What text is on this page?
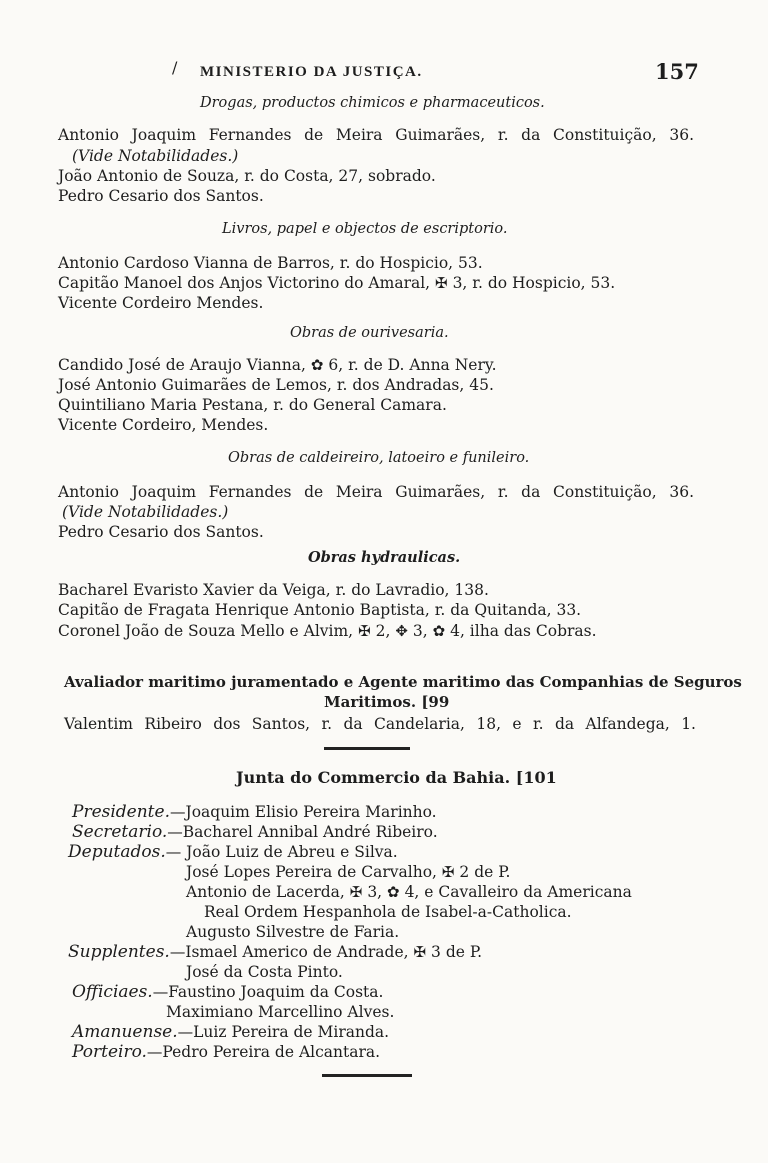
/ MINISTERIO DA JUSTIÇA.	157
Drogas, productos chimicos e pharmaceuticos.
Antonio Joaquim Fernandes de Meira Guimarães, r. da Constituição, 36.
(Vide Notabilidades.)
João Antonio de Souza, r. do Costa, 27, sobrado.
Pedro Cesario dos Santos.
Livros, papel e objectos de escriptorio.
Antonio Cardoso Vianna de Barros, r. do Hospicio, 53.
Capitão Manoel dos Anjos Victorino do Amaral, ✠ 3, r. do Hospicio, 53.
Vicente Cordeiro Mendes.
Obras de ourivesaria.
Candido José de Araujo Vianna, ✿ 6, r. de D. Anna Nery.
José Antonio Guimarães de Lemos, r. dos Andradas, 45.
Quintiliano Maria Pestana, r. do General Camara.
Vicente Cordeiro, Mendes.
Obras de caldeireiro, latoeiro e funileiro.
Antonio Joaquim Fernandes de Meira Guimarães, r. da Constituição, 36.
(Vide Notabilidades.)
Pedro Cesario dos Santos.
Obras hydraulicas.
Bacharel Evaristo Xavier da Veiga, r. do Lavradio, 138.
Capitão de Fragata Henrique Antonio Baptista, r. da Quitanda, 33.
Coronel João de Souza Mello e Alvim, ✠ 2, ✥ 3, ✿ 4, ilha das Cobras.
Avaliador maritimo juramentado e Agente maritimo das Companhias de Seguros
Maritimos. [99
Valentim Ribeiro dos Santos, r. da Candelaria, 18, e r. da Alfandega, 1.
Junta do Commercio da Bahia. [101
Presidente.—Joaquim Elisio Pereira Marinho.
Secretario.—Bacharel Annibal André Ribeiro.
Deputados.— João Luiz de Abreu e Silva.
José Lopes Pereira de Carvalho, ✠ 2 de P.
Antonio de Lacerda, ✠ 3, ✿ 4, e Cavalleiro da Americana
Real Ordem Hespanhola de Isabel-a-Catholica.
Augusto Silvestre de Faria.
Supplentes.—Ismael Americo de Andrade, ✠ 3 de P.
José da Costa Pinto.
Officiaes.—Faustino Joaquim da Costa.
Maximiano Marcellino Alves.
Amanuense.—Luiz Pereira de Miranda.
Porteiro.—Pedro Pereira de Alcantara.
